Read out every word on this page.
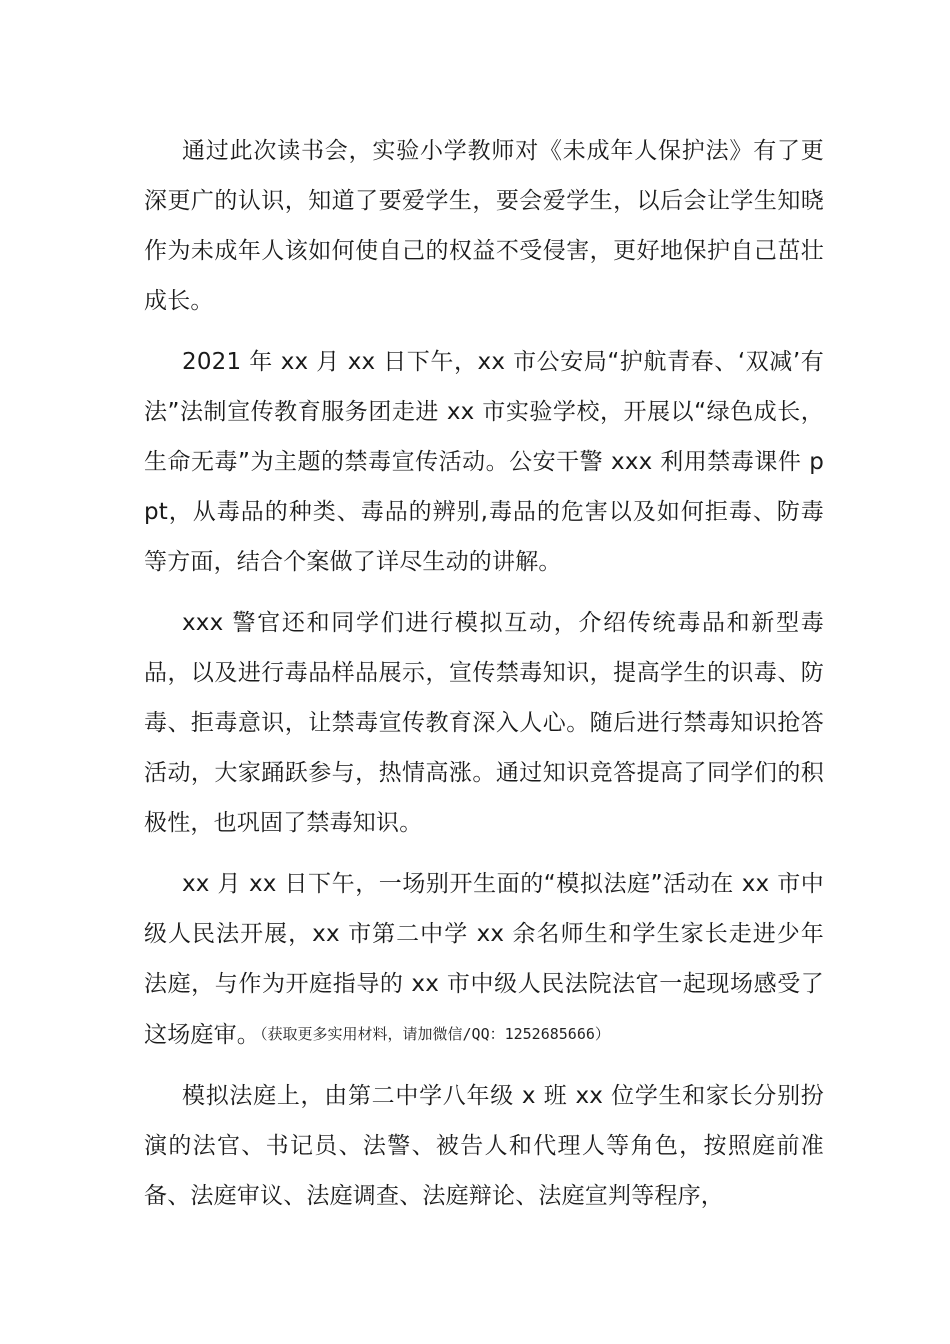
通过此次读书会，实验小学教师对《未成年人保护法》有了更深更广的认识，知道了要爱学生，要会爱学生，以后会让学生知晓作为未成年人该如何使自己的权益不受侵害，更好地保护自己茁壮成长。

2021 年 xx 月 xx 日下午，xx 市公安局“护航青春、‘双减’有法”法制宣传教育服务团走进 xx 市实验学校，开展以“绿色成长，生命无毒”为主题的禁毒宣传活动。公安干警 xxx 利用禁毒课件 ppt，从毒品的种类、毒品的辨别,毒品的危害以及如何拒毒、防毒等方面，结合个案做了详尽生动的讲解。

xxx 警官还和同学们进行模拟互动，介绍传统毒品和新型毒品，以及进行毒品样品展示，宣传禁毒知识，提高学生的识毒、防毒、拒毒意识，让禁毒宣传教育深入人心。随后进行禁毒知识抢答活动，大家踊跃参与，热情高涨。通过知识竞答提高了同学们的积极性，也巩固了禁毒知识。

xx 月 xx 日下午，一场别开生面的“模拟法庭”活动在 xx 市中级人民法开展，xx 市第二中学 xx 余名师生和学生家长走进少年法庭，与作为开庭指导的 xx 市中级人民法院法官一起现场感受了这场庭审。（获取更多实用材料，请加微信/QQ：1252685666）

模拟法庭上，由第二中学八年级 x 班 xx 位学生和家长分别扮演的法官、书记员、法警、被告人和代理人等角色，按照庭前准备、法庭审议、法庭调查、法庭辩论、法庭宣判等程序，
